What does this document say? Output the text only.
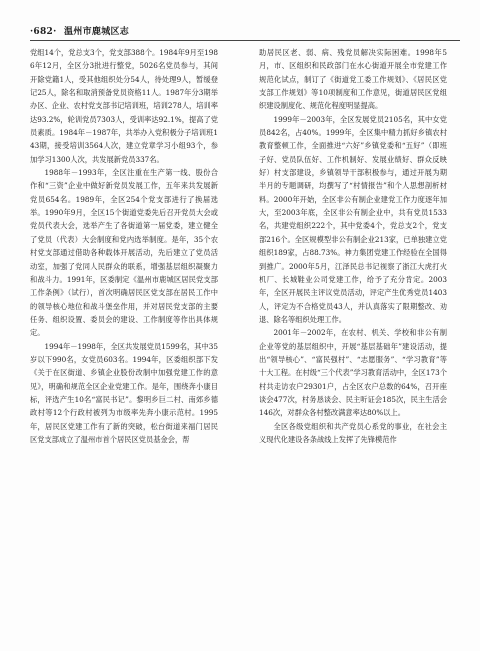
·682· 温州市鹿城区志

党组14个，党总支3个，党支部388个。1984年9月至1986年12月，全区分3批进行整党，5026名党员参与，其间开除党籍1人，受其他组织处分54人，待处理9人，暂缓登记25人，除名和取消预备党员资格11人。1987年分3期举办区、企业、农村党支部书记培训班，培训278人，培训率达93.2%，轮训党员7303人，受训率达92.1%，提高了党员素质。1984年－1987年，共举办入党积极分子培训班143期，接受培训3564人次，建立党章学习小组93个，参加学习1300人次，共发展新党员337名。

1988年－1993年，全区注重在生产第一线、股份合作和“三资”企业中做好新党员发展工作，五年来共发展新党员654名。1989年，全区254个党支部进行了换届选举。1990年9月，全区15个街道党委先后召开党员大会或党员代表大会，选举产生了各街道第一届党委，建立健全了党员（代表）大会制度和党内选举制度。是年，35个农村党支部通过借助各种载体开展活动，先后建立了党员活动室，加强了党同人民群众的联系，增强基层组织凝聚力和战斗力。1991年，区委制定《温州市鹿城区居民党支部工作条例》（试行），首次明确居民区党支部在居民工作中的领导核心地位和战斗堡垒作用，并对居民党支部的主要任务、组织设置、委员会的建设、工作制度等作出具体规定。

1994年－1998年，全区共发展党员1599名，其中35岁以下990名，女党员603名。1994年，区委组织部下发《关于在区街道、乡镇企业股份改制中加强党建工作的意见》，明确和规范全区企业党建工作。是年，围绕奔小康目标，评选产生10名“富民书记”。黎明乡巨二村、南郊乡德政村等12个行政村被列为市级率先奔小康示范村。1995年，居民区党建工作有了新的突破，松台街道来福门居民区党支部成立了温州市首个居民区党员基金会，帮

助居民区老、弱、病、残党员解决实际困难。1998年5月，市、区组织和民政部门在水心街道开展全市党建工作规范化试点，制订了《街道党工委工作规划》、《居民区党支部工作规划》等10项制度和工作意见，街道居民区党组织建设制度化、规范化程度明显提高。

1999年－2003年，全区发展党员2105名，其中女党员842名，占40%。1999年，全区集中精力抓好乡镇农村教育整顿工作，全面推进“六好”乡镇党委和“五好”（即班子好、党员队伍好、工作机制好、发展业绩好、群众反映好）村支部建设，乡镇领导干部积极参与，通过开展为期半月的专题调研，均撰写了“村情报告”和个人思想剖析材料。2000年开始，全区非公有制企业建党工作力度逐年加大，至2003年底，全区非公有制企业中，共有党员1533名，共建党组织222个，其中党委4个，党总支2个，党支部216个。全区规模型非公有制企业213家，已单独建立党组织189家，占88.73%。神力集团党建工作经验在全国得到推广。2000年5月，江泽民总书记视察了浙江大虎打火机厂、长城鞋业公司党建工作，给予了充分肯定。2003年，全区开展民主评议党员活动，评定产生优秀党员1403人，评定为不合格党员43人，并认真落实了限期整改、劝退、除名等组织处理工作。

2001年－2002年，在农村、机关、学校和非公有制企业等党的基层组织中，开展“基层基础年”建设活动，提出“领导核心”、“富民强村”、“志愿服务”、“学习教育”等十大工程。在村级“三个代表”学习教育活动中，全区173个村共走访农户29301户，占全区农户总数的64%，召开座谈会477次，村务恳谈会、民主听证会185次，民主生活会146次，对群众各村整改满意率达80%以上。

全区各级党组织和共产党员心系党的事业，在社会主义现代化建设各条战线上发挥了先锋模范作
